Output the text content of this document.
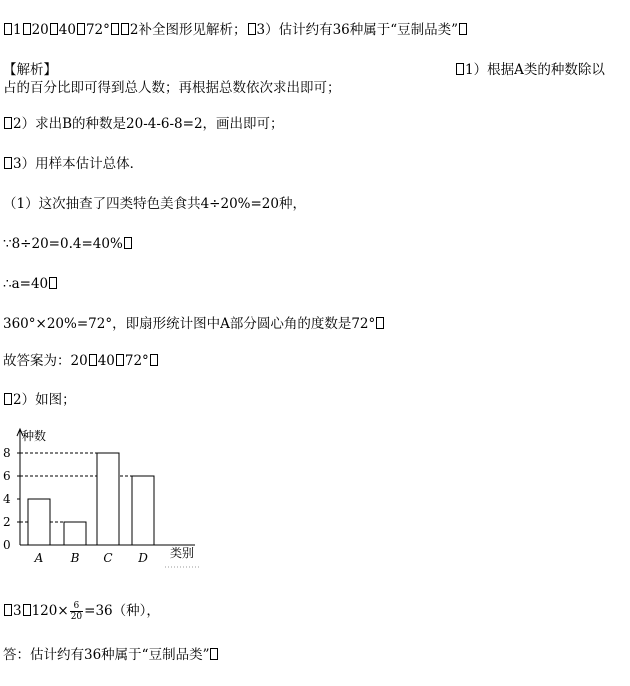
1 20 40 72° 2补全图形见解析； 3）估计约有36种属于“豆制品类”
【解析】	1）根据A类的种数除以
占的百分比即可得到总人数；再根据总数依次求出即可；
2）求出B的种数是20-4-6-8=2，画出即可；
3）用样本估计总体．
（1）这次抽查了四类特色美食共4÷20%=20种，
∵8÷20=0.4=40%
∴a=40
360°×20%=72°，即扇形统计图中A部分圆心角的度数是72°
故答案为：20 40 72°
2）如图；
种数
类别
0
2
4
6
8
A B C D
3 $120\times \frac{6}{20} =36$（种），
答：估计约有36种属于“豆制品类”
